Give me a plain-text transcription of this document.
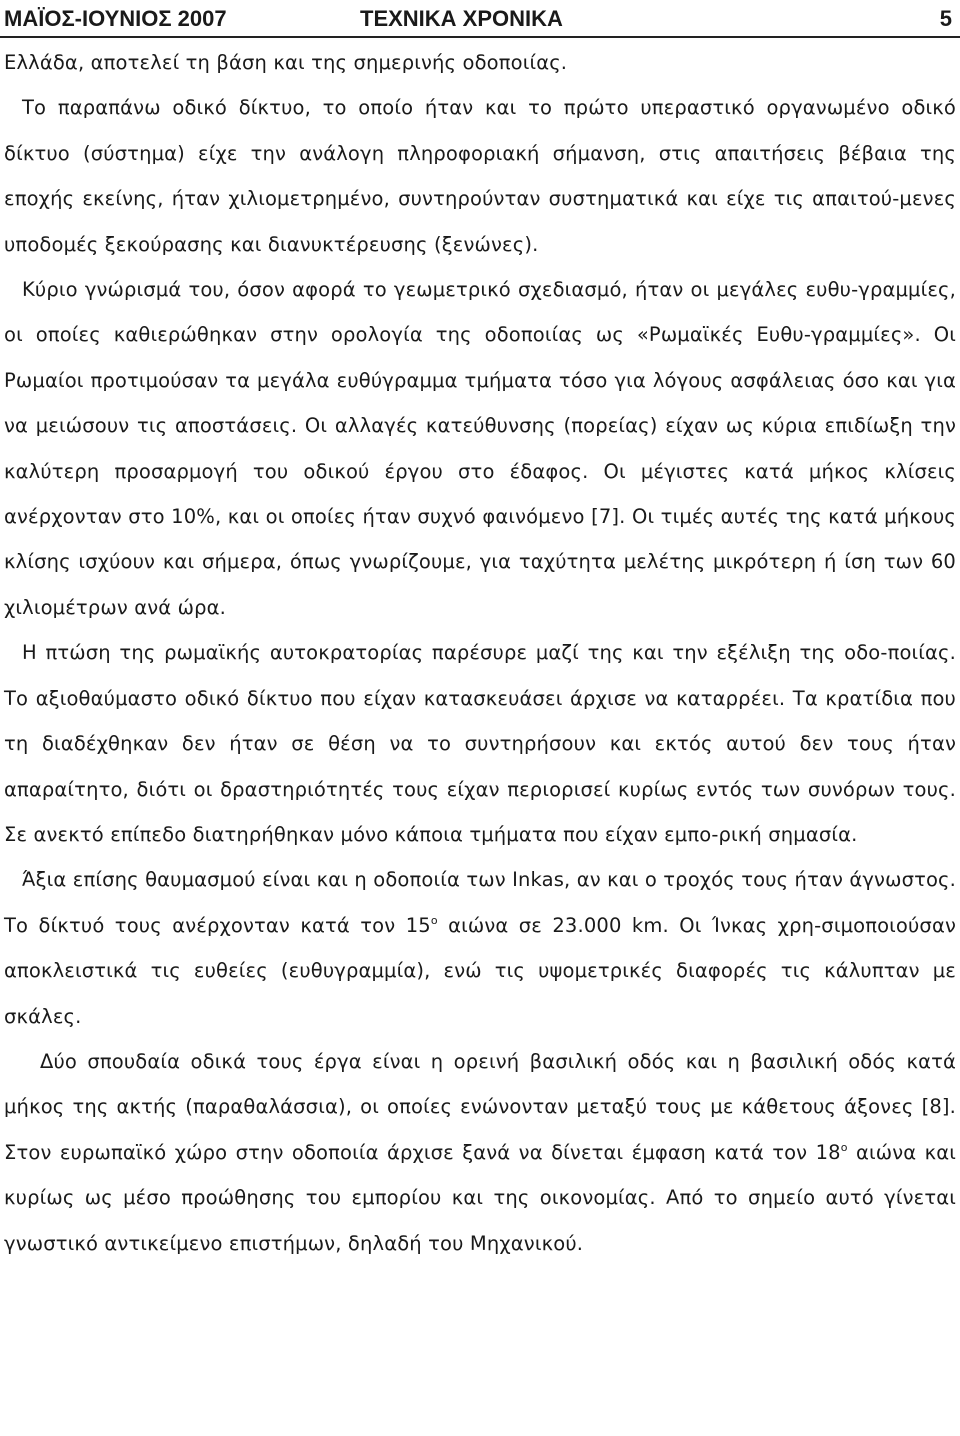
ΜΑΪΟΣ-ΙΟΥΝΙΟΣ 2007	ΤΕΧΝΙΚΑ ΧΡΟΝΙΚΑ	5

Ελλάδα, αποτελεί τη βάση και της σημερινής οδοποιίας.

Το παραπάνω οδικό δίκτυο, το οποίο ήταν και το πρώτο υπεραστικό οργανωμένο οδικό δίκτυο (σύστημα) είχε την ανάλογη πληροφοριακή σήμανση, στις απαιτήσεις βέβαια της εποχής εκείνης, ήταν χιλιομετρημένο, συντηρούνταν συστηματικά και είχε τις απαιτού-μενες υποδομές ξεκούρασης και διανυκτέρευσης (ξενώνες).

Κύριο γνώρισμά του, όσον αφορά το γεωμετρικό σχεδιασμό, ήταν οι μεγάλες ευθυ-γραμμίες, οι οποίες καθιερώθηκαν στην ορολογία της οδοποιίας ως «Ρωμαϊκές Ευθυ-γραμμίες». Οι Ρωμαίοι προτιμούσαν τα μεγάλα ευθύγραμμα τμήματα τόσο για λόγους ασφάλειας όσο και για να μειώσουν τις αποστάσεις. Οι αλλαγές κατεύθυνσης (πορείας) είχαν ως κύρια επιδίωξη την καλύτερη προσαρμογή του οδικού έργου στο έδαφος. Οι μέγιστες κατά μήκος κλίσεις ανέρχονταν στο 10%, και οι οποίες ήταν συχνό φαινόμενο [7]. Οι τιμές αυτές της κατά μήκους κλίσης ισχύουν και σήμερα, όπως γνωρίζουμε, για ταχύτητα μελέτης μικρότερη ή ίση των 60 χιλιομέτρων ανά ώρα.

Η πτώση της ρωμαϊκής αυτοκρατορίας παρέσυρε μαζί της και την εξέλιξη της οδο-ποιίας. Το αξιοθαύμαστο οδικό δίκτυο που είχαν κατασκευάσει άρχισε να καταρρέει. Τα κρατίδια που τη διαδέχθηκαν δεν ήταν σε θέση να το συντηρήσουν και εκτός αυτού δεν τους ήταν απαραίτητο, διότι οι δραστηριότητές τους είχαν περιορισεί κυρίως εντός των συνόρων τους. Σε ανεκτό επίπεδο διατηρήθηκαν μόνο κάποια τμήματα που είχαν εμπο-ρική σημασία.

Άξια επίσης θαυμασμού είναι και η οδοποιία των Inkas, αν και ο τροχός τους ήταν άγνωστος. Το δίκτυό τους ανέρχονταν κατά τον $15^o$ αιώνα σε 23.000 km. Οι Ίνκας χρη-σιμοποιούσαν αποκλειστικά τις ευθείες (ευθυγραμμία), ενώ τις υψομετρικές διαφορές τις κάλυπταν με σκάλες.

Δύο σπουδαία οδικά τους έργα είναι η ορεινή βασιλική οδός και η βασιλική οδός κατά μήκος της ακτής (παραθαλάσσια), οι οποίες ενώνονταν μεταξύ τους με κάθετους άξονες [8]. Στον ευρωπαϊκό χώρο στην οδοποιία άρχισε ξανά να δίνεται έμφαση κατά τον $18^o$ αιώνα και κυρίως ως μέσο προώθησης του εμπορίου και της οικονομίας. Από το σημείο αυτό γίνεται γνωστικό αντικείμενο επιστήμων, δηλαδή του Μηχανικού.
